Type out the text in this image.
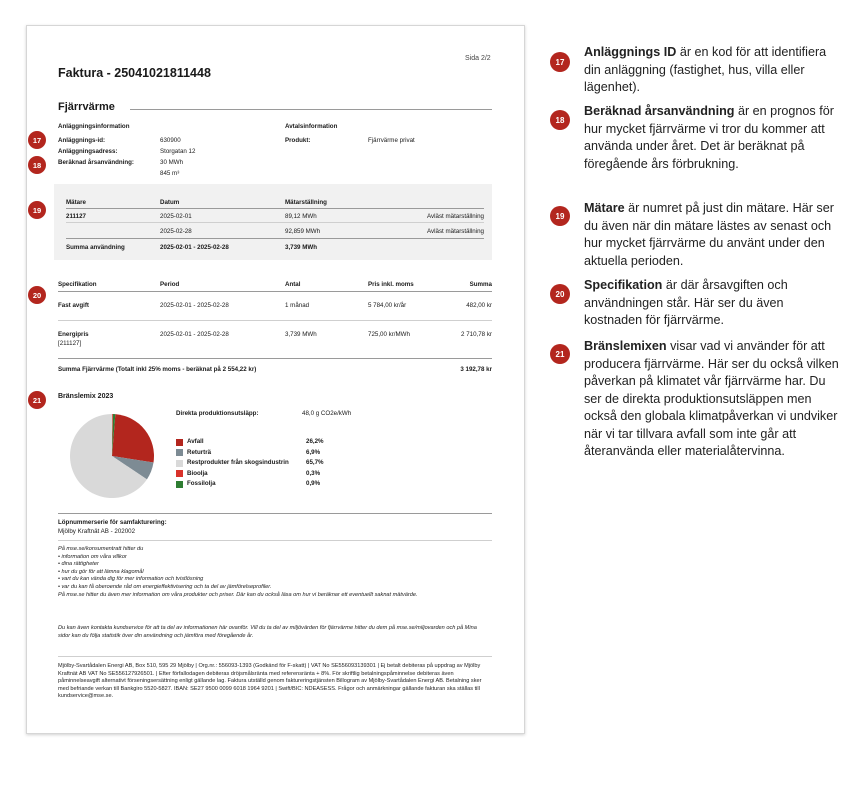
Sida 2/2
Faktura - 25041021811448
Fjärrvärme
Anläggningsinformation	Avtalsinformation
17	Anläggnings-id:	630900	Produkt:	Fjärrvärme privat
Anläggningsadress:	Storgatan 12
18	Beräknad årsanvändning:	30 MWh
845 m³
19
Mätare	Datum	Mätarställning
211127	2025-02-01	89,12 MWh	Avläst mätarställning
2025-02-28	92,859 MWh	Avläst mätarställning
Summa användning	2025-02-01 - 2025-02-28	3,739 MWh
20
Specifikation	Period	Antal	Pris inkl. moms	Summa
Fast avgift	2025-02-01 - 2025-02-28	1 månad	5 784,00 kr/år	482,00 kr
Energipris
[211127]
2025-02-01 - 2025-02-28	3,739 MWh	725,00 kr/MWh	2 710,78 kr
Summa Fjärrvärme (Totalt inkl 25% moms - beräknat på 2 554,22 kr)	3 192,78 kr
21	Bränslemix 2023
Direkta produktionsutsläpp:	48,0 g CO2e/kWh
Avfall	26,2%
Returträ	6,9%
Restprodukter från skogsindustrin	65,7%
Bioolja	0,3%
Fossilolja	0,9%
Löpnummerserie för samfakturering:
Mjölby Kraftnät AB - 202002
På mse.se/konsumentratt hitter du
• information om våra villkor
• dina rättigheter
• hur du gör för att lämna klagomål
• vart du kan vända dig för mer information och tvistlösning
• var du kan få oberoende råd om energieffektivisering och ta del av jämförelseprofiler.
På mse.se hitter du även mer information om våra produkter och priser. Där kan du också läsa om hur vi beräknar ett eventuellt saknat mätvärde.
Du kan även kontakta kundservice för att ta del av informationen här ovanför. Vill du ta del av miljövärden för fjärrvärme hitter du dem på mse.se/miljovarden och på Mina sidor kan du följa statistik över din användning och jämföra med föregående år.
Mjölby-Svartådalen Energi AB, Box 510, 595 29 Mjölby | Org.nr.: 556093-1393 (Godkänd för F-skatt) | VAT No SE556093139301 | Ej betalt debiteras på uppdrag av Mjölby Kraftnät AB VAT No SE556127926501. | Efter förfallodagen debiteras dröjsmålsränta med referensränta + 8%. För skriftlig betalningspåminnelse debiteras även påminnelseavgift alternativt förseningsersättning enligt gällande lag. Faktura utställd genom faktureringstjänsten Billogram av Mjölby-Svartådalen Energi AB. Betalning sker med befriande verkan till Bankgiro 5520-5827. IBAN: SE27 9500 0099 6018 1964 9201 | Swift/BIC: NDEASESS. Frågor och anmärkningar gällande fakturan ska ställas till kundservice@mse.se.
17
Anläggnings ID är en kod för att identifiera din anläggning (fastighet, hus, villa eller lägenhet).
18
Beräknad årsanvändning är en prognos för hur mycket fjärrvärme vi tror du kommer att använda under året. Det är beräknat på föregående års förbrukning.
19
Mätare är numret på just din mätare. Här ser du även när din mätare lästes av senast och hur mycket fjärrvärme du använt under den aktuella perioden.
20
Specifikation är där årsavgiften och användningen står. Här ser du även kostnaden för fjärrvärme.
21
Bränslemixen visar vad vi använder för att producera fjärrvärme. Här ser du också vilken påverkan på klimatet vår fjärrvärme har. Du ser de direkta produktionsutsläppen men också den globala klimatpåverkan vi undviker när vi tar tillvara avfall som inte går att återanvända eller materialåtervinna.
